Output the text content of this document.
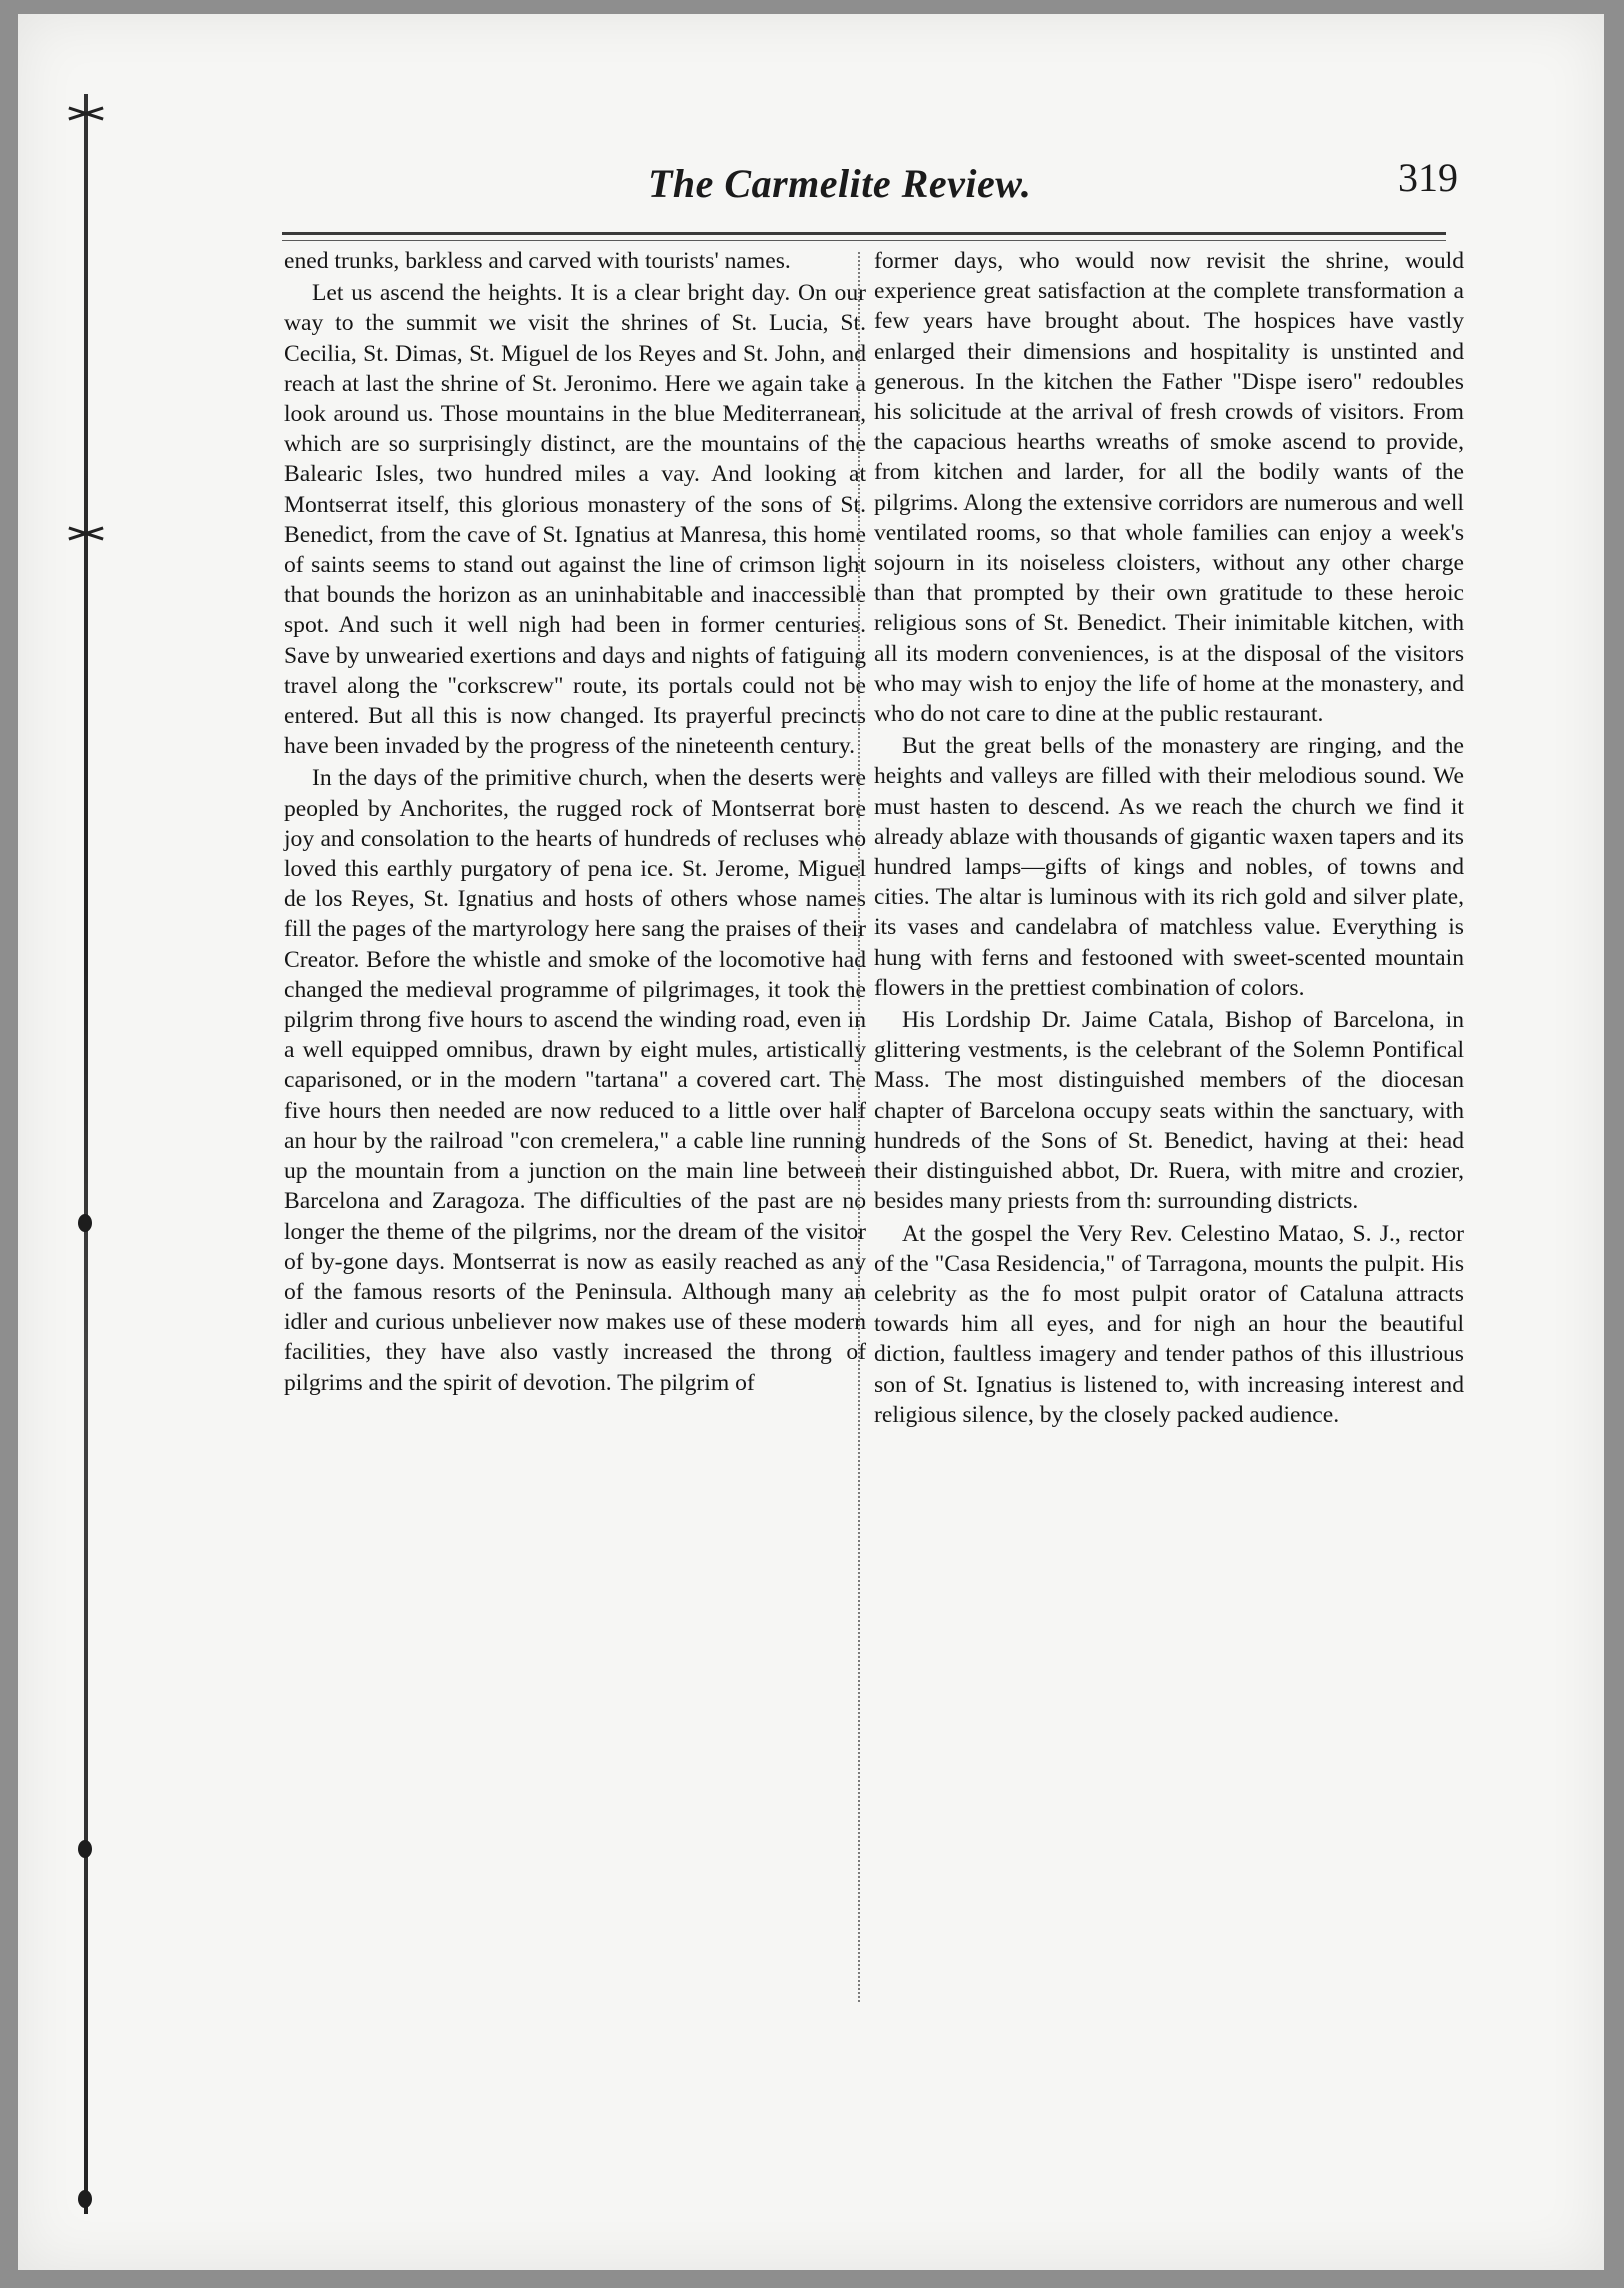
The Carmelite Review.	319

ened trunks, barkless and carved with tourists' names.

Let us ascend the heights. It is a clear bright day. On our way to the summit we visit the shrines of St. Lucia, St. Cecilia, St. Dimas, St. Miguel de los Reyes and St. John, and reach at last the shrine of St. Jeronimo. Here we again take a look around us. Those mountains in the blue Mediterranean, which are so surprisingly distinct, are the mountains of the Balearic Isles, two hundred miles a vay. And looking at Montserrat itself, this glorious monastery of the sons of St. Benedict, from the cave of St. Ignatius at Manresa, this home of saints seems to stand out against the line of crimson light that bounds the horizon as an uninhabitable and inaccessible spot. And such it well nigh had been in former centuries. Save by unwearied exertions and days and nights of fatiguing travel along the "corkscrew" route, its portals could not be entered. But all this is now changed. Its prayerful precincts have been invaded by the progress of the nineteenth century.

In the days of the primitive church, when the deserts were peopled by Anchorites, the rugged rock of Montserrat bore joy and consolation to the hearts of hundreds of recluses who loved this earthly purgatory of pena ice. St. Jerome, Miguel de los Reyes, St. Ignatius and hosts of others whose names fill the pages of the martyrology here sang the praises of their Creator. Before the whistle and smoke of the locomotive had changed the medieval programme of pilgrimages, it took the pilgrim throng five hours to ascend the winding road, even in a well equipped omnibus, drawn by eight mules, artistically caparisoned, or in the modern "tartana" a covered cart. The five hours then needed are now reduced to a little over half an hour by the railroad "con cremelera," a cable line running up the mountain from a junction on the main line between Barcelona and Zaragoza. The difficulties of the past are no longer the theme of the pilgrims, nor the dream of the visitor of by-gone days. Montserrat is now as easily reached as any of the famous resorts of the Peninsula. Although many an idler and curious unbeliever now makes use of these modern facilities, they have also vastly increased the throng of pilgrims and the spirit of devotion. The pilgrim of

former days, who would now revisit the shrine, would experience great satisfaction at the complete transformation a few years have brought about. The hospices have vastly enlarged their dimensions and hospitality is unstinted and generous. In the kitchen the Father "Dispe isero" redoubles his solicitude at the arrival of fresh crowds of visitors. From the capacious hearths wreaths of smoke ascend to provide, from kitchen and larder, for all the bodily wants of the pilgrims. Along the extensive corridors are numerous and well ventilated rooms, so that whole families can enjoy a week's sojourn in its noiseless cloisters, without any other charge than that prompted by their own gratitude to these heroic religious sons of St. Benedict. Their inimitable kitchen, with all its modern conveniences, is at the disposal of the visitors who may wish to enjoy the life of home at the monastery, and who do not care to dine at the public restaurant.

But the great bells of the monastery are ringing, and the heights and valleys are filled with their melodious sound. We must hasten to descend. As we reach the church we find it already ablaze with thousands of gigantic waxen tapers and its hundred lamps—gifts of kings and nobles, of towns and cities. The altar is luminous with its rich gold and silver plate, its vases and candelabra of matchless value. Everything is hung with ferns and festooned with sweet-scented mountain flowers in the prettiest combination of colors.

His Lordship Dr. Jaime Catala, Bishop of Barcelona, in glittering vestments, is the celebrant of the Solemn Pontifical Mass. The most distinguished members of the diocesan chapter of Barcelona occupy seats within the sanctuary, with hundreds of the Sons of St. Benedict, having at thei: head their distinguished abbot, Dr. Ruera, with mitre and crozier, besides many priests from th: surrounding districts.

At the gospel the Very Rev. Celestino Matao, S. J., rector of the "Casa Residencia," of Tarragona, mounts the pulpit. His celebrity as the fo most pulpit orator of Cataluna attracts towards him all eyes, and for nigh an hour the beautiful diction, faultless imagery and tender pathos of this illustrious son of St. Ignatius is listened to, with increasing interest and religious silence, by the closely packed audience.
